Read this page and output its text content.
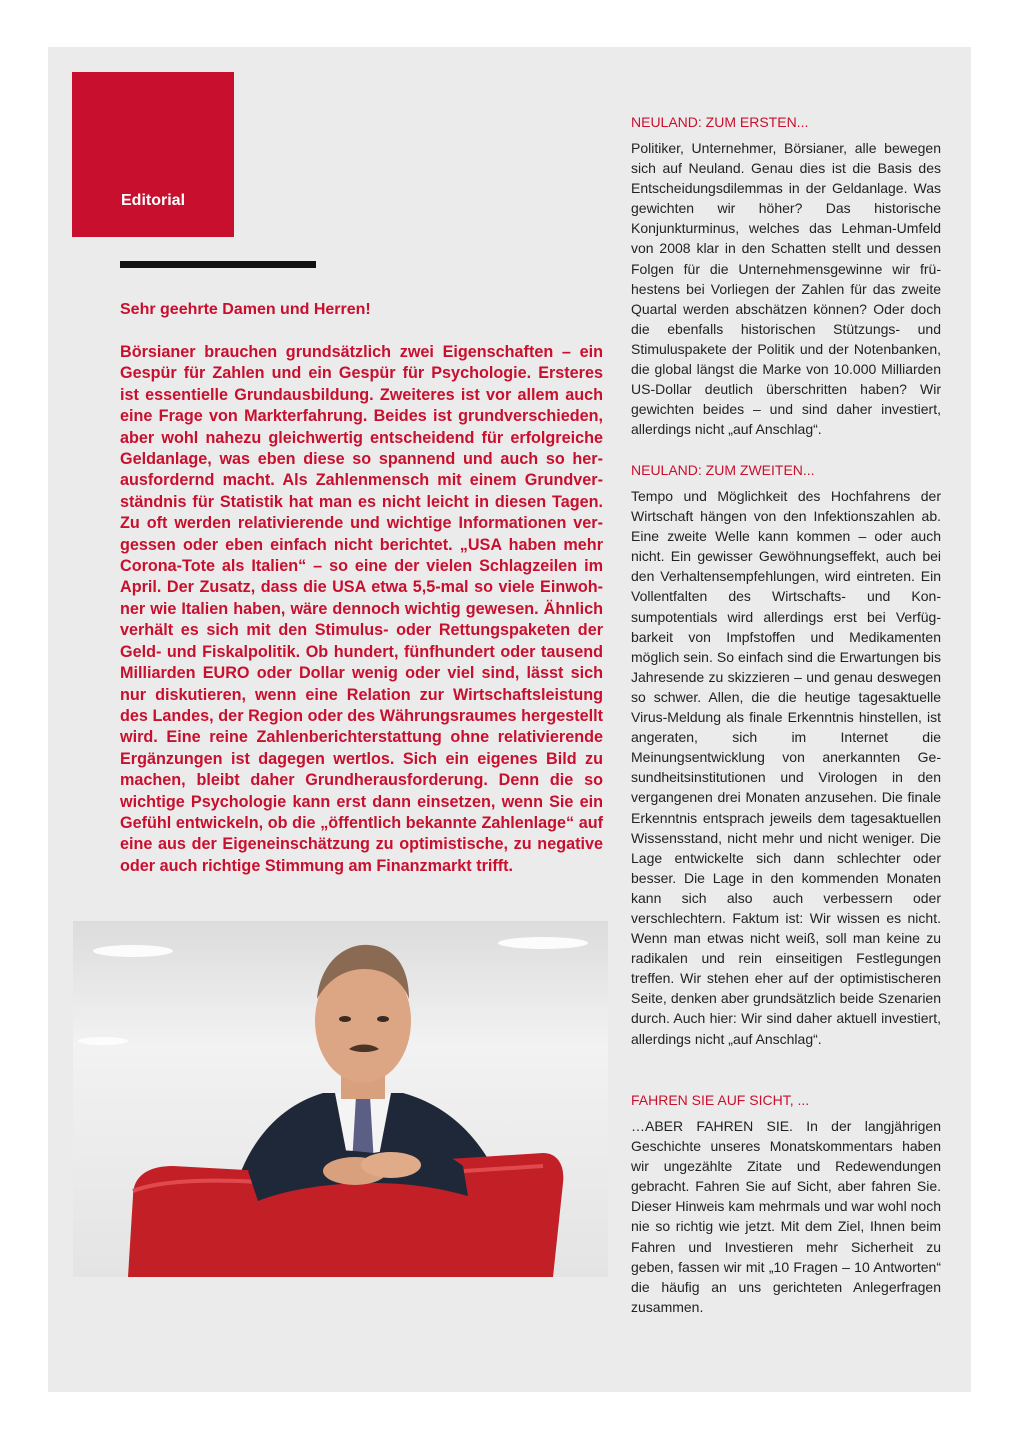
Editorial

Sehr geehrte Damen und Herren!

Börsianer brauchen grundsätzlich zwei Eigenschaften – ein Gespür für Zahlen und ein Gespür für Psychologie. Ersteres ist essentielle Grundausbildung. Zweiteres ist vor allem auch eine Frage von Markterfahrung. Beides ist grundverschieden, aber wohl nahezu gleichwertig entscheidend für erfolgreiche Geldanlage, was eben diese so spannend und auch so herausfordernd macht. Als Zahlenmensch mit einem Grundverständnis für Statistik hat man es nicht leicht in diesen Tagen. Zu oft werden relativierende und wichtige Informationen vergessen oder eben einfach nicht berichtet. „USA haben mehr Corona-Tote als Italien“ – so eine der vielen Schlagzeilen im April. Der Zusatz, dass die USA etwa 5,5-mal so viele Einwohner wie Italien haben, wäre dennoch wichtig gewesen. Ähnlich verhält es sich mit den Stimulus- oder Rettungspaketen der Geld- und Fiskalpolitik. Ob hundert, fünfhundert oder tausend Milliarden EURO oder Dollar wenig oder viel sind, lässt sich nur diskutieren, wenn eine Relation zur Wirtschaftsleistung des Landes, der Region oder des Währungsraumes hergestellt wird. Eine reine Zahlenberichterstattung ohne relativierende Ergänzungen ist dagegen wertlos. Sich ein eigenes Bild zu machen, bleibt daher Grundherausforderung. Denn die so wichtige Psychologie kann erst dann einsetzen, wenn Sie ein Gefühl entwickeln, ob die „öffentlich bekannte Zahlenlage“ auf eine aus der Eigeneinschätzung zu optimistische, zu negative oder auch richtige Stimmung am Finanzmarkt trifft.

NEULAND: ZUM ERSTEN...

Politiker, Unternehmer, Börsianer, alle bewegen sich auf Neuland. Genau dies ist die Basis des Entscheidungsdilemmas in der Geldanlage. Was gewichten wir höher? Das historische Konjunkturminus, welches das Lehman-Umfeld von 2008 klar in den Schatten stellt und dessen Folgen für die Unternehmensgewinne wir frühestens bei Vorliegen der Zahlen für das zweite Quartal werden abschätzen können? Oder doch die ebenfalls historischen Stützungs- und Stimuluspakete der Politik und der Notenbanken, die global längst die Marke von 10.000 Milliarden US-Dollar deutlich überschritten haben? Wir gewichten beides – und sind daher investiert, allerdings nicht „auf Anschlag“.

NEULAND: ZUM ZWEITEN...

Tempo und Möglichkeit des Hochfahrens der Wirtschaft hängen von den Infektionszahlen ab. Eine zweite Welle kann kommen – oder auch nicht. Ein gewisser Gewöhnungseffekt, auch bei den Verhaltensempfehlungen, wird eintreten. Ein Vollentfalten des Wirtschafts- und Konsumpotentials wird allerdings erst bei Verfügbarkeit von Impfstoffen und Medikamenten möglich sein. So einfach sind die Erwartungen bis Jahresende zu skizzieren – und genau deswegen so schwer. Allen, die die heutige tagesaktuelle Virus-Meldung als finale Erkenntnis hinstellen, ist angeraten, sich im Internet die Meinungsentwicklung von anerkannten Gesundheitsinstitutionen und Virologen in den vergangenen drei Monaten anzusehen. Die finale Erkenntnis entsprach jeweils dem tagesaktuellen Wissensstand, nicht mehr und nicht weniger. Die Lage entwickelte sich dann schlechter oder besser. Die Lage in den kommenden Monaten kann sich also auch verbessern oder verschlechtern. Faktum ist: Wir wissen es nicht. Wenn man etwas nicht weiß, soll man keine zu radikalen und rein einseitigen Festlegungen treffen. Wir stehen eher auf der optimistischeren Seite, denken aber grundsätzlich beide Szenarien durch. Auch hier: Wir sind daher aktuell investiert, allerdings nicht „auf Anschlag“.

FAHREN SIE AUF SICHT, ...

…ABER FAHREN SIE. In der langjährigen Geschichte unseres Monatskommentars haben wir ungezählte Zitate und Redewendungen gebracht. Fahren Sie auf Sicht, aber fahren Sie. Dieser Hinweis kam mehrmals und war wohl noch nie so richtig wie jetzt. Mit dem Ziel, Ihnen beim Fahren und Investieren mehr Sicherheit zu geben, fassen wir mit „10 Fragen – 10 Antworten“ die häufig an uns gerichteten Anlegerfragen zusammen.
